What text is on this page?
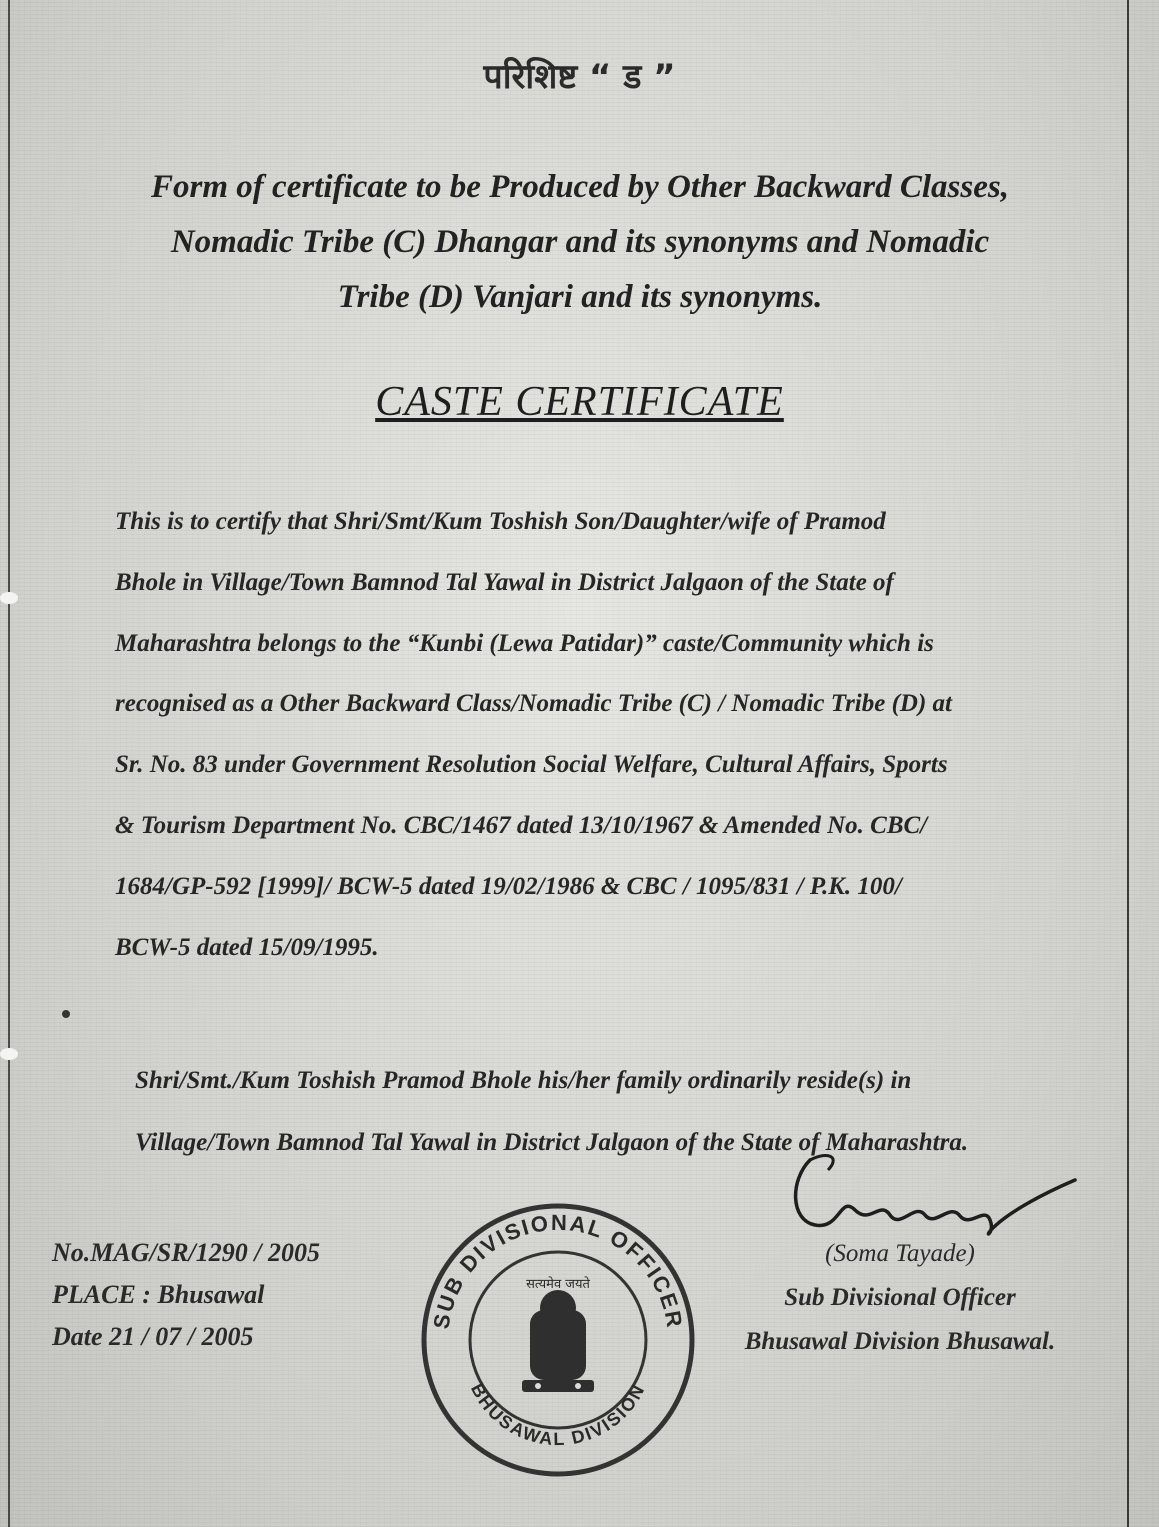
परिशिष्ट “ ड ”
Form of certificate to be Produced by Other Backward Classes,
Nomadic Tribe (C) Dhangar and its synonyms and Nomadic
Tribe (D) Vanjari and its synonyms.
CASTE CERTIFICATE
This is to certify that Shri/Smt/Kum Toshish Son/Daughter/wife of Pramod
Bhole in Village/Town Bamnod Tal Yawal in District Jalgaon of the State of
Maharashtra belongs to the “Kunbi (Lewa Patidar)” caste/Community which is
recognised as a Other Backward Class/Nomadic Tribe (C) / Nomadic Tribe (D) at
Sr. No. 83 under Government Resolution Social Welfare, Cultural Affairs, Sports
& Tourism Department No. CBC/1467 dated 13/10/1967 & Amended No. CBC/
1684/GP-592 [1999]/ BCW-5 dated 19/02/1986 & CBC / 1095/831 / P.K. 100/
BCW-5 dated 15/09/1995.
Shri/Smt./Kum Toshish Pramod Bhole his/her family ordinarily reside(s) in
Village/Town Bamnod Tal Yawal in District Jalgaon of the State of Maharashtra.
No.MAG/SR/1290 / 2005
PLACE : Bhusawal
Date 21 / 07 / 2005
SUB DIVISIONAL OFFICER
BHUSAWAL DIVISION
सत्यमेव जयते
(Soma Tayade)
Sub Divisional Officer
Bhusawal Division Bhusawal.
